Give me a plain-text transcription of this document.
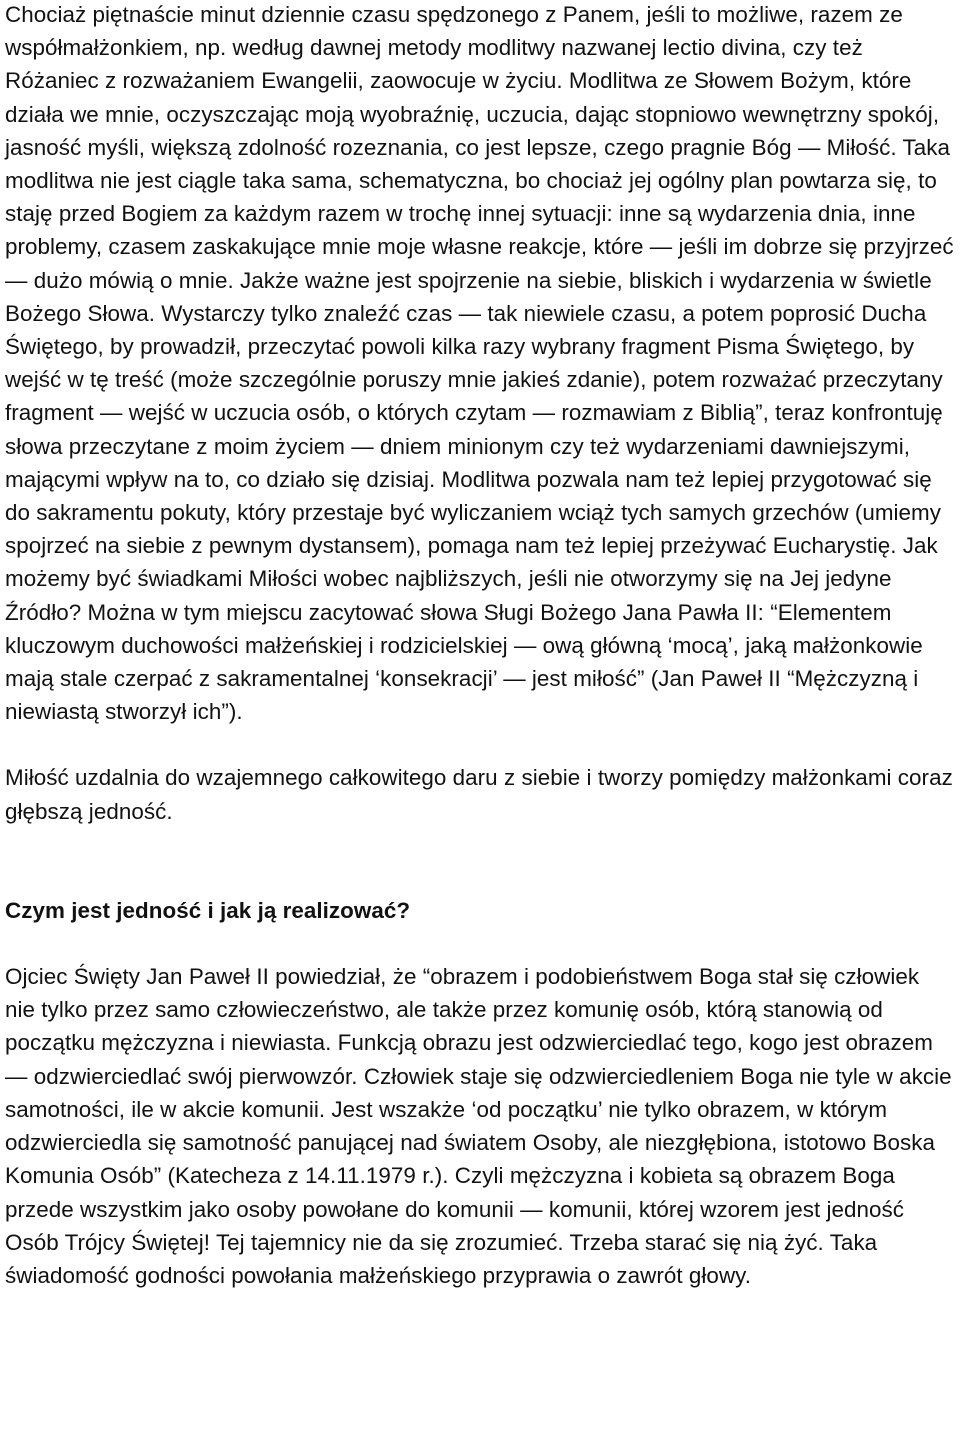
Chociaż piętnaście minut dziennie czasu spędzonego z Panem, jeśli to możliwe, razem ze współmałżonkiem, np. według dawnej metody modlitwy nazwanej lectio divina, czy też Różaniec z rozważaniem Ewangelii, zaowocuje w życiu. Modlitwa ze Słowem Bożym, które działa we mnie, oczyszczając moją wyobraźnię, uczucia, dając stopniowo wewnętrzny spokój, jasność myśli, większą zdolność rozeznania, co jest lepsze, czego pragnie Bóg — Miłość. Taka modlitwa nie jest ciągle taka sama, schematyczna, bo chociaż jej ogólny plan powtarza się, to staję przed Bogiem za każdym razem w trochę innej sytuacji: inne są wydarzenia dnia, inne problemy, czasem zaskakujące mnie moje własne reakcje, które — jeśli im dobrze się przyjrzeć — dużo mówią o mnie. Jakże ważne jest spojrzenie na siebie, bliskich i wydarzenia w świetle Bożego Słowa. Wystarczy tylko znaleźć czas — tak niewiele czasu, a potem poprosić Ducha Świętego, by prowadził, przeczytać powoli kilka razy wybrany fragment Pisma Świętego, by wejść w tę treść (może szczególnie poruszy mnie jakieś zdanie), potem rozważać przeczytany fragment — wejść w uczucia osób, o których czytam — rozmawiam z Biblią”, teraz konfrontuję słowa przeczytane z moim życiem — dniem minionym czy też wydarzeniami dawniejszymi, mającymi wpływ na to, co działo się dzisiaj. Modlitwa pozwala nam też lepiej przygotować się do sakramentu pokuty, który przestaje być wyliczaniem wciąż tych samych grzechów (umiemy spojrzeć na siebie z pewnym dystansem), pomaga nam też lepiej przeżywać Eucharystię. Jak możemy być świadkami Miłości wobec najbliższych, jeśli nie otworzymy się na Jej jedyne Źródło? Można w tym miejscu zacytować słowa Sługi Bożego Jana Pawła II: “Elementem kluczowym duchowości małżeńskiej i rodzicielskiej — ową główną ‘mocą’, jaką małżonkowie mają stale czerpać z sakramentalnej ‘konsekracji’ — jest miłość” (Jan Paweł II “Mężczyzną i niewiastą stworzył ich”).

Miłość uzdalnia do wzajemnego całkowitego daru z siebie i tworzy pomiędzy małżonkami coraz głębszą jedność.

Czym jest jedność i jak ją realizować?

Ojciec Święty Jan Paweł II powiedział, że “obrazem i podobieństwem Boga stał się człowiek nie tylko przez samo człowieczeństwo, ale także przez komunię osób, którą stanowią od początku mężczyzna i niewiasta. Funkcją obrazu jest odzwierciedlać tego, kogo jest obrazem — odzwierciedlać swój pierwowzór. Człowiek staje się odzwierciedleniem Boga nie tyle w akcie samotności, ile w akcie komunii. Jest wszakże ‘od początku’ nie tylko obrazem, w którym odzwierciedla się samotność panującej nad światem Osoby, ale niezgłębiona, istotowo Boska Komunia Osób” (Katecheza z 14.11.1979 r.). Czyli mężczyzna i kobieta są obrazem Boga przede wszystkim jako osoby powołane do komunii — komunii, której wzorem jest jedność Osób Trójcy Świętej! Tej tajemnicy nie da się zrozumieć. Trzeba starać się nią żyć. Taka świadomość godności powołania małżeńskiego przyprawia o zawrót głowy.
